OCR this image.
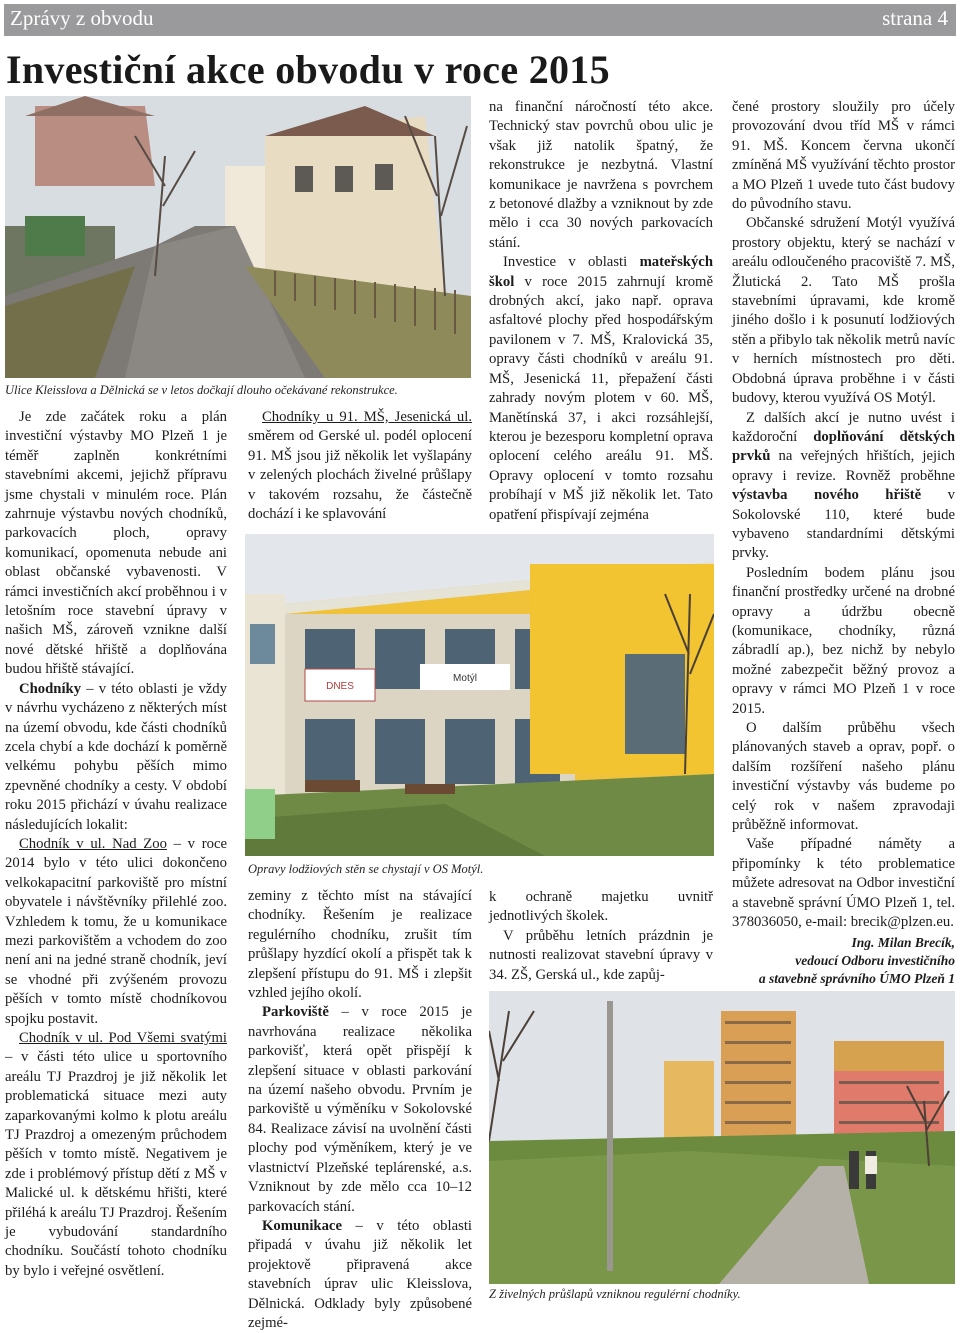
Zprávy z obvodu	strana 4
Investiční akce obvodu v roce 2015
Ulice Kleisslova a Dělnická se v letos dočkají dlouho očekávané rekonstrukce.

Je zde začátek roku a plán investiční výstavby MO Plzeň 1 je téměř zaplněn konkrétními stavebními akcemi, jejichž přípravu jsme chystali v minulém roce. Plán zahrnuje výstavbu nových chodníků, parkovacích ploch, opravy komunikací, opomenuta nebude ani oblast občanské vybavenosti. V rámci investičních akcí proběhnou i v letošním roce stavební úpravy v našich MŠ, zároveň vznikne další nové dětské hřiště a doplňována budou hřiště stávající.

Chodníky – v této oblasti je vždy v návrhu vycházeno z některých míst na území obvodu, kde části chodníků zcela chybí a kde dochází k poměrně velkému pohybu pěších mimo zpevněné chodníky a cesty. V období roku 2015 přichází v úvahu realizace následujících lokalit:

Chodník v ul. Nad Zoo – v roce 2014 bylo v této ulici dokončeno velkokapacitní parkoviště pro místní obyvatele i návštěvníky přilehlé zoo. Vzhledem k tomu, že u komunikace mezi parkovištěm a vchodem do zoo není ani na jedné straně chodník, jeví se vhodné při zvýšeném provozu pěších v tomto místě chodníkovou spojku postavit.

Chodník v ul. Pod Všemi svatými – v části této ulice u sportovního areálu TJ Prazdroj je již několik let problematická situace mezi auty zaparkovanými kolmo k plotu areálu TJ Prazdroj a omezeným průchodem pěších v tomto místě. Negativem je zde i problémový přístup dětí z MŠ v Malické ul. k dětskému hřišti, které přiléhá k areálu TJ Prazdroj. Řešením je vybudování standardního chodníku. Součástí tohoto chodníku by bylo i veřejné osvětlení.

Chodníky u 91. MŠ, Jesenická ul. směrem od Gerské ul. podél oplocení 91. MŠ jsou již několik let vyšlapány v zelených plochách živelné průšlapy v takovém rozsahu, že částečně dochází i ke splavování

DNES
Motýl
Opravy lodžiových stěn se chystají v OS Motýl.

zeminy z těchto míst na stávající chodníky. Řešením je realizace regulérního chodníku, zrušit tím průšlapy hyzdící okolí a přispět tak k zlepšení přístupu do 91. MŠ i zlepšit vzhled jejího okolí.

Parkoviště – v roce 2015 je navrhována realizace několika parkovišť, která opět přispějí k zlepšení situace v oblasti parkování na území našeho obvodu. Prvním je parkoviště u výměníku v Sokolovské 84. Realizace závisí na uvolnění části plochy pod výměníkem, který je ve vlastnictví Plzeňské teplárenské, a.s. Vzniknout by zde mělo cca 10–12 parkovacích stání.

Komunikace – v této oblasti připadá v úvahu již několik let projektově připravená akce stavebních úprav ulic Kleisslova, Dělnická. Odklady byly způsobené zejmé-

na finanční náročností této akce. Technický stav povrchů obou ulic je však již natolik špatný, že rekonstrukce je nezbytná. Vlastní komunikace je navržena s povrchem z betonové dlažby a vzniknout by zde mělo i cca 30 nových parkovacích stání.

Investice v oblasti mateřských škol v roce 2015 zahrnují kromě drobných akcí, jako např. oprava asfaltové plochy před hospodářským pavilonem v 7. MŠ, Kralovická 35, opravy části chodníků v areálu 91. MŠ, Jesenická 11, přepažení části zahrady novým plotem v 60. MŠ, Manětínská 37, i akci rozsáhlejší, kterou je bezesporu kompletní oprava oplocení celého areálu 91. MŠ. Opravy oplocení v tomto rozsahu probíhají v MŠ již několik let. Tato opatření přispívají zejména

k ochraně majetku uvnitř jednotlivých školek.

V průběhu letních prázdnin je nutnosti realizovat stavební úpravy v 34. ZŠ, Gerská ul., kde zapůj-

čené prostory sloužily pro účely provozování dvou tříd MŠ v rámci 91. MŠ. Koncem června ukončí zmíněná MŠ využívání těchto prostor a MO Plzeň 1 uvede tuto část budovy do původního stavu.

Občanské sdružení Motýl využívá prostory objektu, který se nachází v areálu odloučeného pracoviště 7. MŠ, Žlutická 2. Tato MŠ prošla stavebními úpravami, kde kromě jiného došlo i k posunutí lodžiových stěn a přibylo tak několik metrů navíc v herních místnostech pro děti. Obdobná úprava proběhne i v části budovy, kterou využívá OS Motýl.

Z dalších akcí je nutno uvést i každoroční doplňování dětských prvků na veřejných hřištích, jejich opravy i revize. Rovněž proběhne výstavba nového hřiště v Sokolovské 110, které bude vybaveno standardními dětskými prvky.

Posledním bodem plánu jsou finanční prostředky určené na drobné opravy a údržbu obecně (komunikace, chodníky, různá zábradlí ap.), bez nichž by nebylo možné zabezpečit běžný provoz a opravy v rámci MO Plzeň 1 v roce 2015.

O dalším průběhu všech plánovaných staveb a oprav, popř. o dalším rozšíření našeho plánu investiční výstavby vás budeme po celý rok v našem zpravodaji průběžně informovat.

Vaše případné náměty a připomínky k této problematice můžete adresovat na Odbor investiční a stavebně správní ÚMO Plzeň 1, tel. 378036050, e-mail: brecik@plzen.eu.

Ing. Milan Brecík,
vedoucí Odboru investičního
a stavebně správního ÚMO Plzeň 1
Z živelných průšlapů vzniknou regulérní chodníky.
